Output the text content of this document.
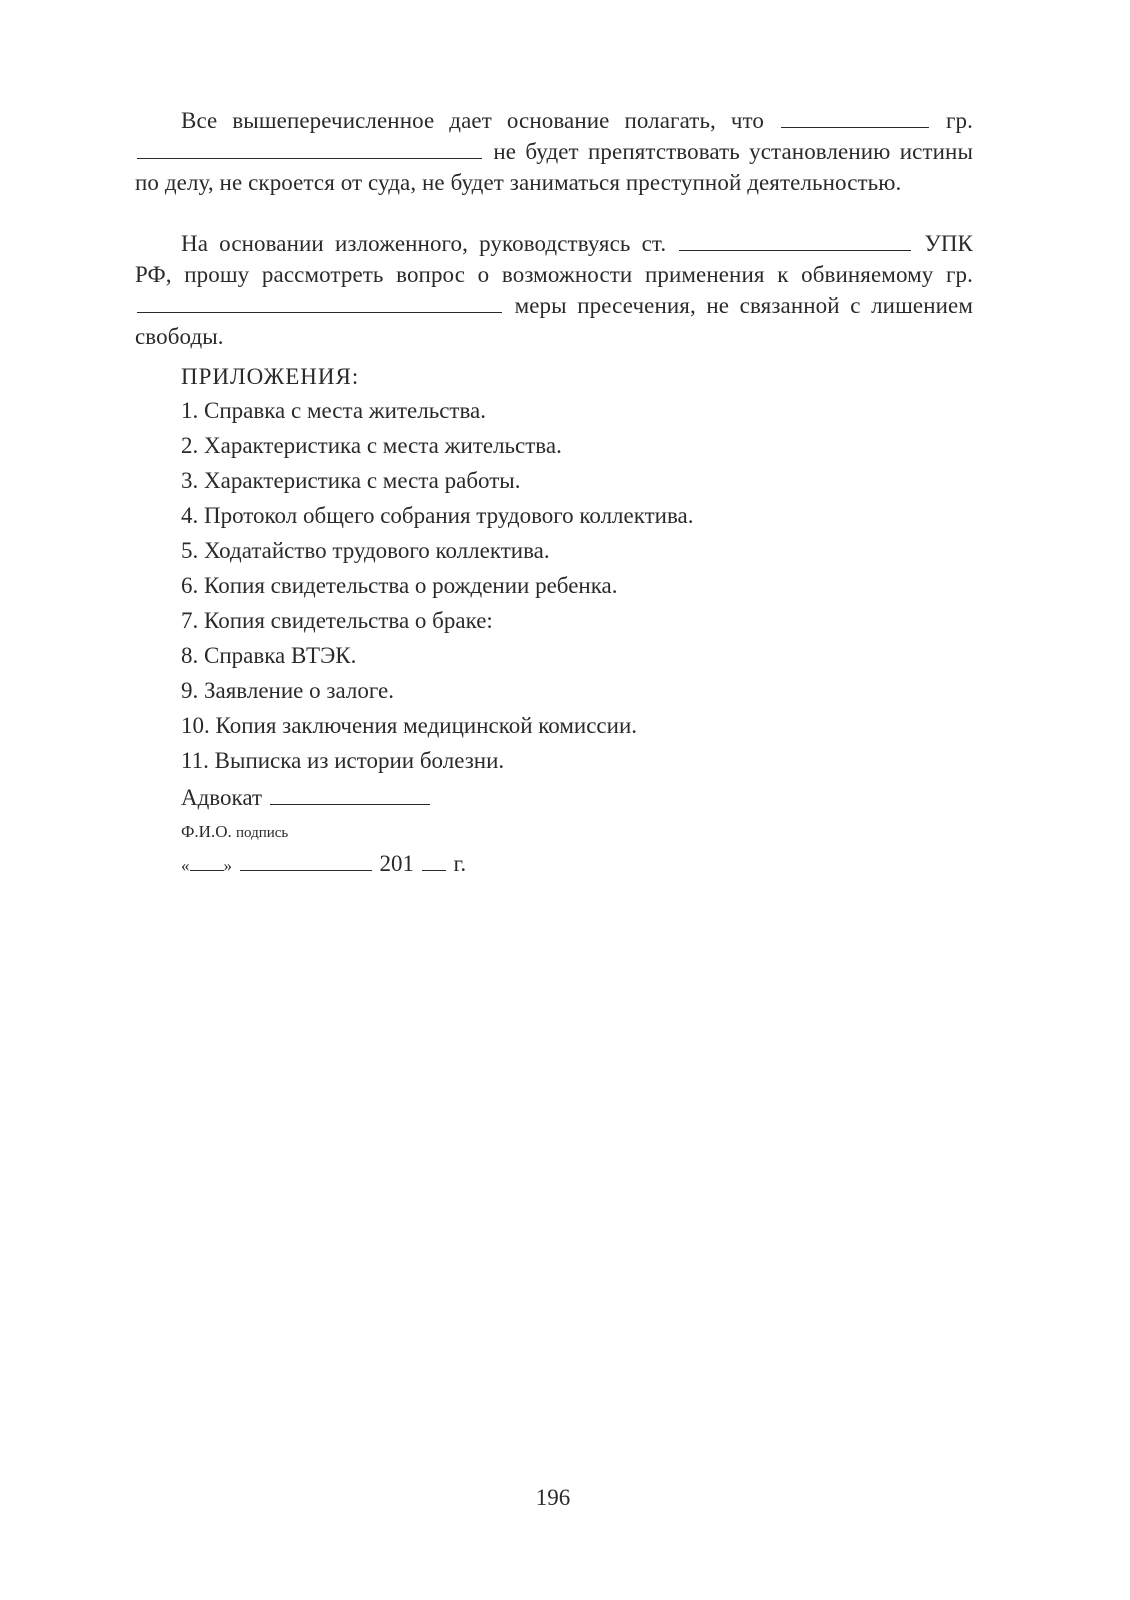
Все вышеперечисленное дает основание полагать, что	гр.  не будет препятствовать установлению истины по делу, не скроется от суда, не будет заниматься преступной деятельностью.
На основании изложенного, руководствуясь ст.	УПК РФ, прошу рассмотреть вопрос о возможности применения к обвиняемому гр.  меры пресечения, не связанной с лишением свободы.
ПРИЛОЖЕНИЯ:
1. Справка с места жительства.
2. Характеристика с места жительства.
3. Характеристика с места работы.
4. Протокол общего собрания трудового коллектива.
5. Ходатайство трудового коллектива.
6. Копия свидетельства о рождении ребенка.
7. Копия свидетельства о браке:
8. Справка ВТЭК.
9. Заявление о залоге.
10. Копия заключения медицинской комиссии.
11. Выписка из истории болезни.
Адвокат
Ф.И.О. подпись
« »	201 г.
196
